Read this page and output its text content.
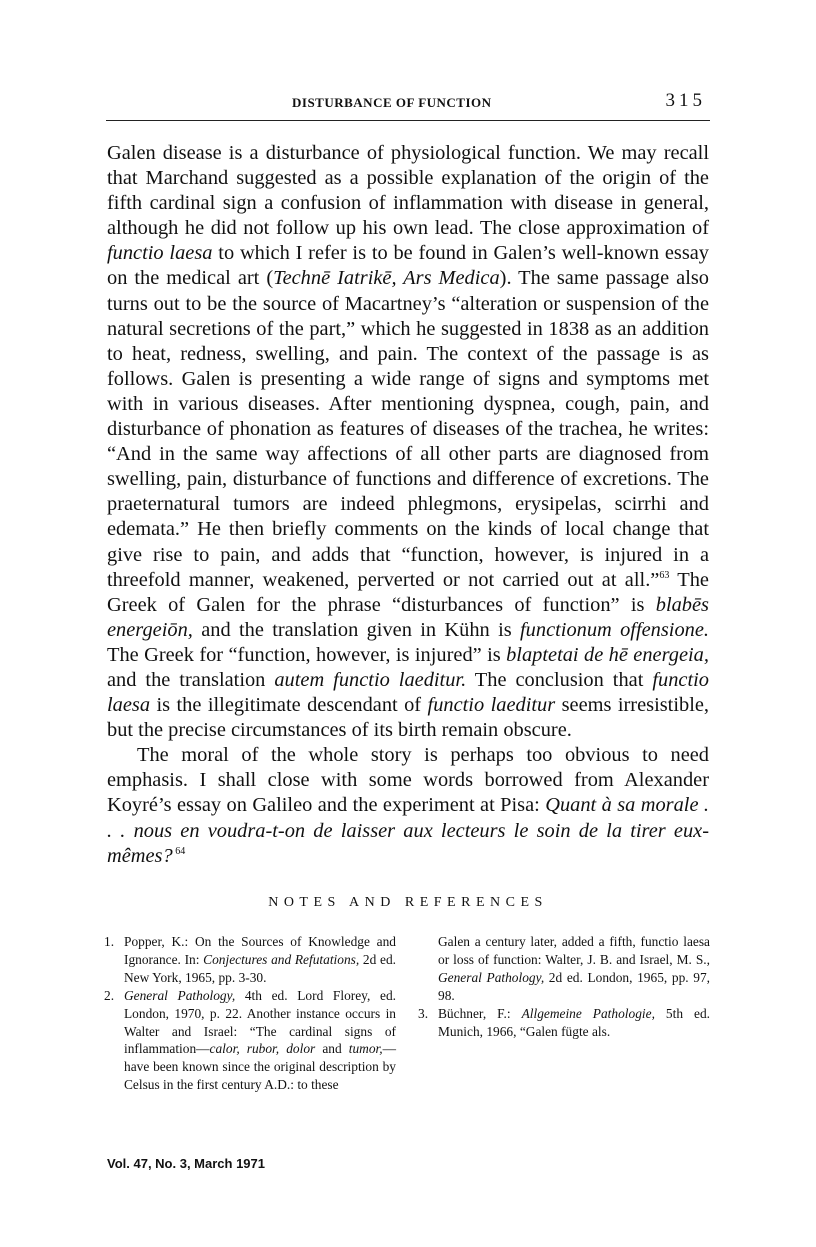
DISTURBANCE OF FUNCTION	315

Galen disease is a disturbance of physiological function. We may recall that Marchand suggested as a possible explanation of the origin of the fifth cardinal sign a confusion of inflammation with disease in general, although he did not follow up his own lead. The close approximation of functio laesa to which I refer is to be found in Galen’s well-known essay on the medical art (Technē Iatrikē, Ars Medica). The same passage also turns out to be the source of Macartney’s “alteration or suspension of the natural secretions of the part,” which he suggested in 1838 as an addition to heat, redness, swelling, and pain. The context of the passage is as follows. Galen is presenting a wide range of signs and symptoms met with in various diseases. After mentioning dyspnea, cough, pain, and disturbance of phonation as features of diseases of the trachea, he writes: “And in the same way affections of all other parts are diagnosed from swelling, pain, disturbance of functions and difference of excretions. The praeternatural tumors are indeed phlegmons, erysipelas, scirrhi and edemata.” He then briefly comments on the kinds of local change that give rise to pain, and adds that “function, however, is injured in a threefold manner, weakened, perverted or not carried out at all.”$^{63}$ The Greek of Galen for the phrase “disturbances of function” is blabēs energeiōn, and the translation given in Kühn is functionum offensione. The Greek for “function, however, is injured” is blaptetai de hē energeia, and the translation autem functio laeditur. The conclusion that functio laesa is the illegitimate descendant of functio laeditur seems irresistible, but the precise circumstances of its birth remain obscure.

The moral of the whole story is perhaps too obvious to need emphasis. I shall close with some words borrowed from Alexander Koyré’s essay on Galileo and the experiment at Pisa: Quant à sa morale . . . nous en voudra-t-on de laisser aux lecteurs le soin de la tirer eux-mêmes? $^{64}$

NOTES AND REFERENCES
1. Popper, K.: On the Sources of Knowledge and Ignorance. In: Conjectures and Refutations, 2d ed. New York, 1965, pp. 3-30.
2. General Pathology, 4th ed. Lord Florey, ed. London, 1970, p. 22. Another instance occurs in Walter and Israel: “The cardinal signs of inflammation—calor, rubor, dolor and tumor,—have been known since the original description by Celsus in the first century A.D.: to these
Galen a century later, added a fifth, functio laesa or loss of function: Walter, J. B. and Israel, M. S., General Pathology, 2d ed. London, 1965, pp. 97, 98.
3. Büchner, F.: Allgemeine Pathologie, 5th ed. Munich, 1966, “Galen fügte als.
Vol. 47, No. 3, March 1971
